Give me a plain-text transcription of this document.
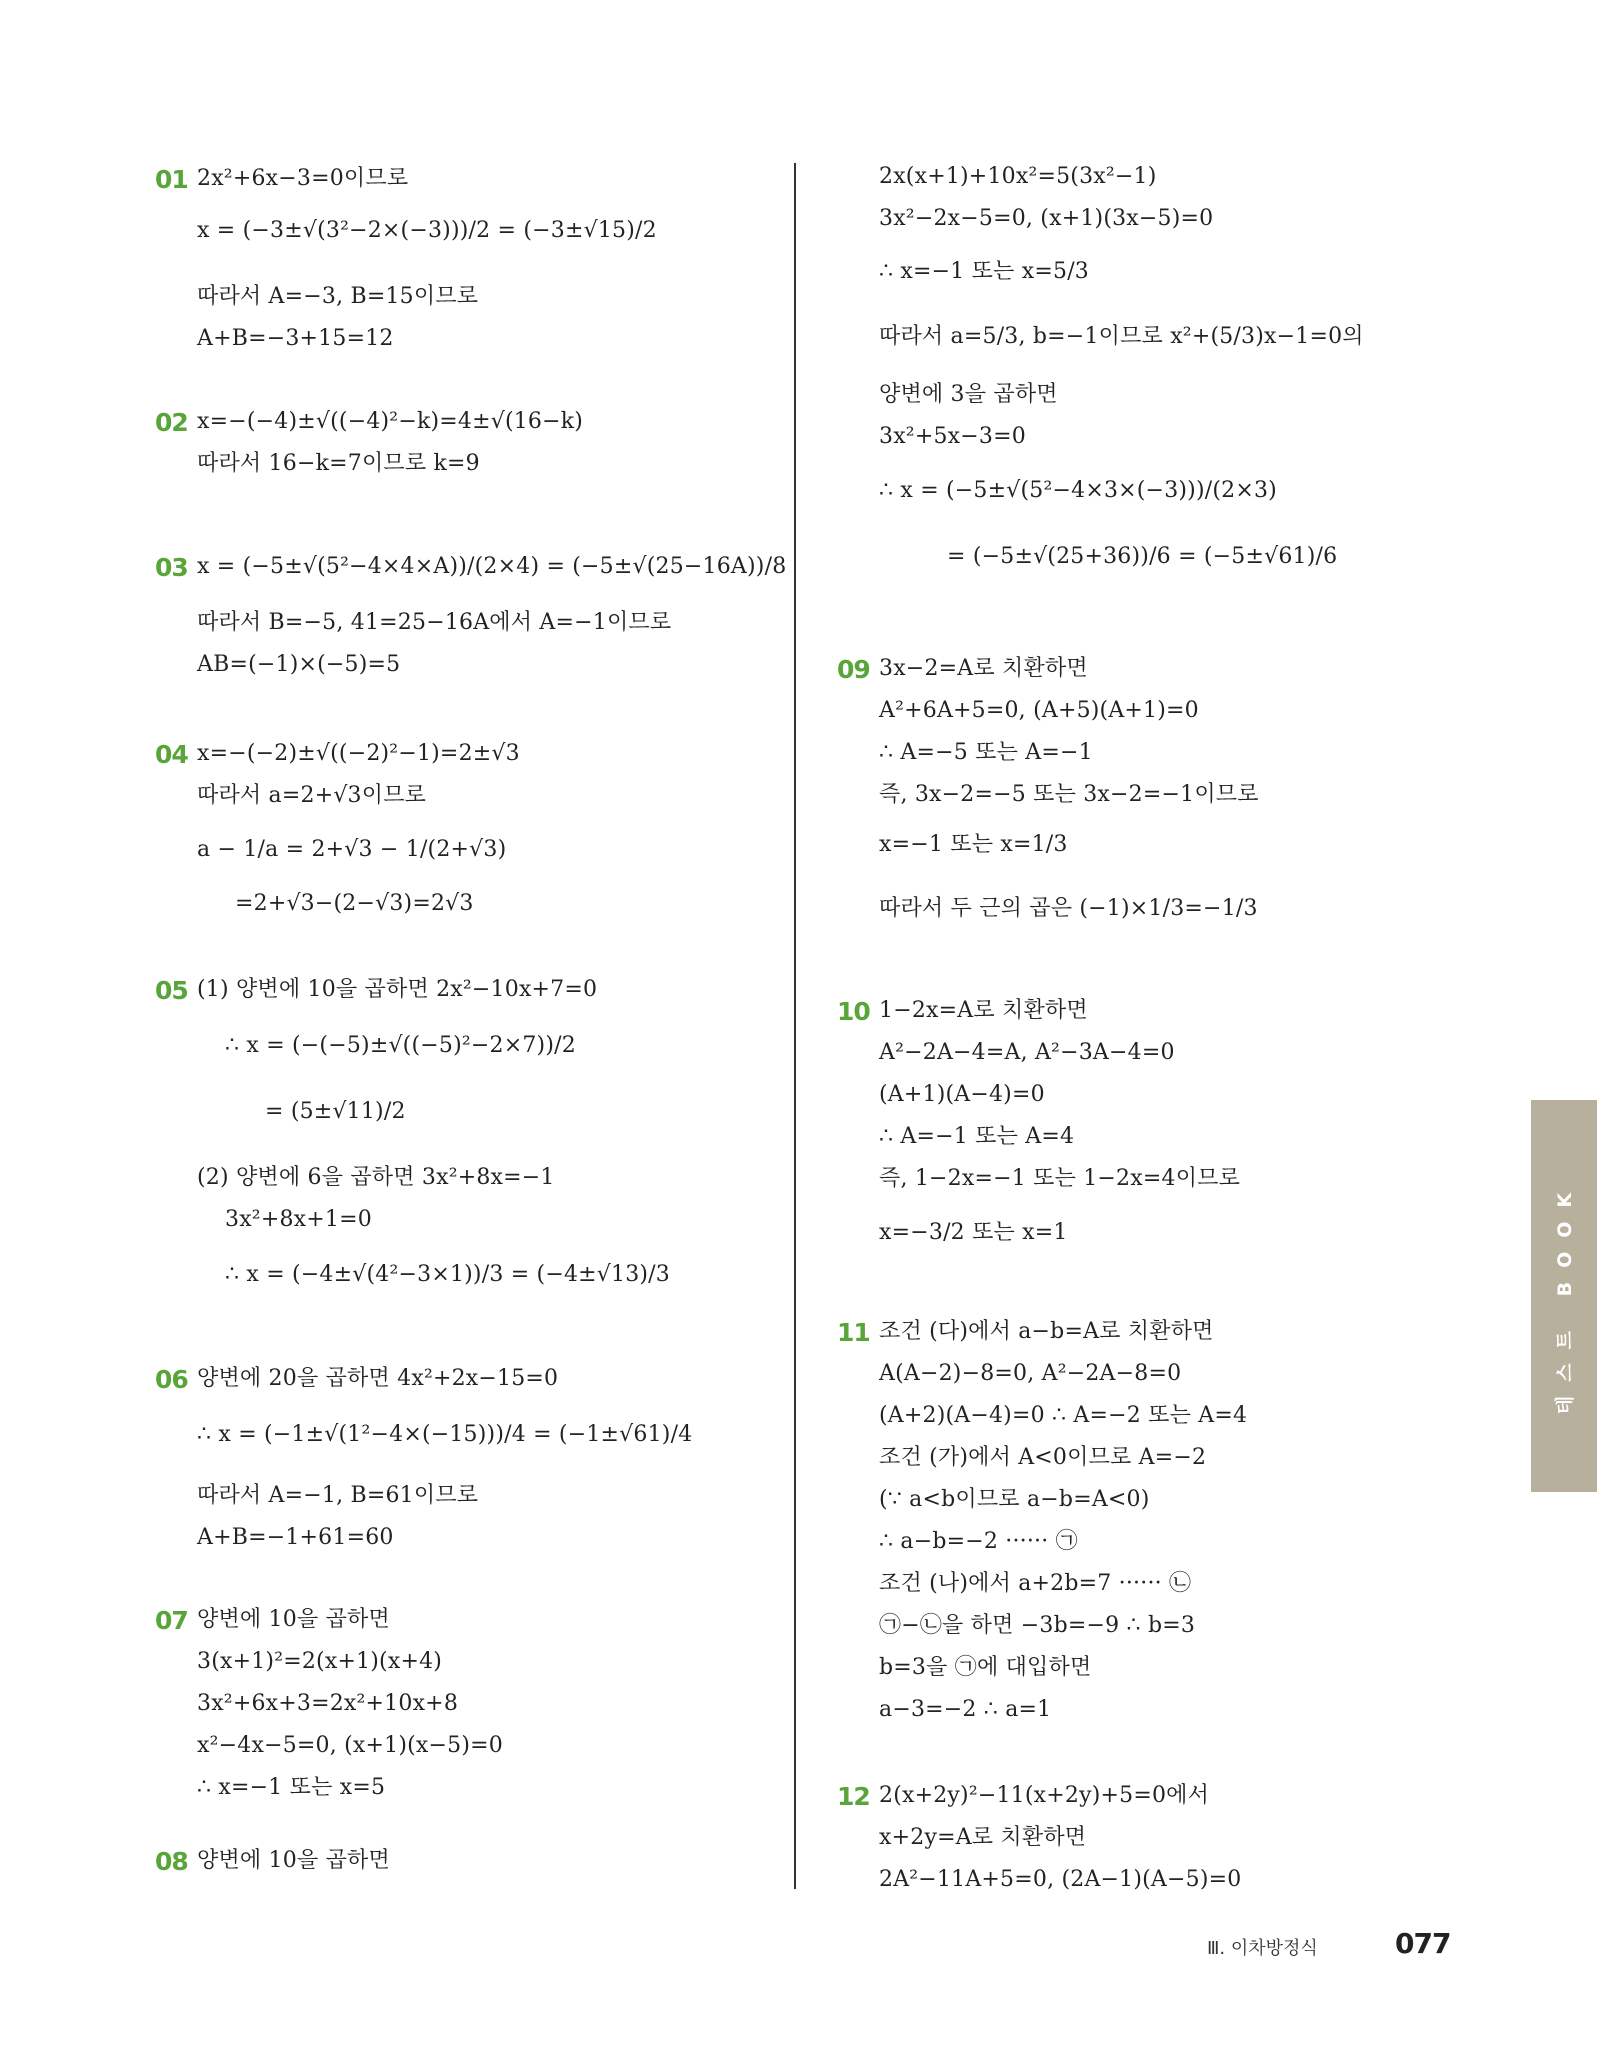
01 2x²+6x−3=0이므로
x = (−3±√(3²−2×(−3)))/2 = (−3±√15)/2
따라서 A=−3, B=15이므로
A+B=−3+15=12
02 x=−(−4)±√((−4)²−k)=4±√(16−k)
따라서 16−k=7이므로 k=9
03 x = (−5±√(5²−4×4×A))/(2×4) = (−5±√(25−16A))/8
따라서 B=−5, 41=25−16A에서 A=−1이므로
AB=(−1)×(−5)=5
04 x=−(−2)±√((−2)²−1)=2±√3
따라서 a=2+√3이므로
a − 1/a = 2+√3 − 1/(2+√3)
=2+√3−(2−√3)=2√3
05 (1) 양변에 10을 곱하면 2x²−10x+7=0
∴ x = (−(−5)±√((−5)²−2×7))/2
= (5±√11)/2
(2) 양변에 6을 곱하면 3x²+8x=−1
3x²+8x+1=0
∴ x = (−4±√(4²−3×1))/3 = (−4±√13)/3
06 양변에 20을 곱하면 4x²+2x−15=0
∴ x = (−1±√(1²−4×(−15)))/4 = (−1±√61)/4
따라서 A=−1, B=61이므로
A+B=−1+61=60
07 양변에 10을 곱하면
3(x+1)²=2(x+1)(x+4)
3x²+6x+3=2x²+10x+8
x²−4x−5=0, (x+1)(x−5)=0
∴ x=−1 또는 x=5
08 양변에 10을 곱하면
2x(x+1)+10x²=5(3x²−1)
3x²−2x−5=0, (x+1)(3x−5)=0
∴ x=−1 또는 x=5/3
따라서 a=5/3, b=−1이므로 x²+(5/3)x−1=0의
양변에 3을 곱하면
3x²+5x−3=0
∴ x = (−5±√(5²−4×3×(−3)))/(2×3)
= (−5±√(25+36))/6 = (−5±√61)/6
09 3x−2=A로 치환하면
A²+6A+5=0, (A+5)(A+1)=0
∴ A=−5 또는 A=−1
즉, 3x−2=−5 또는 3x−2=−1이므로
x=−1 또는 x=1/3
따라서 두 근의 곱은 (−1)×1/3=−1/3
10 1−2x=A로 치환하면
A²−2A−4=A, A²−3A−4=0
(A+1)(A−4)=0
∴ A=−1 또는 A=4
즉, 1−2x=−1 또는 1−2x=4이므로
x=−3/2 또는 x=1
11 조건 (다)에서 a−b=A로 치환하면
A(A−2)−8=0, A²−2A−8=0
(A+2)(A−4)=0 ∴ A=−2 또는 A=4
조건 (가)에서 A<0이므로 A=−2
(∵ a<b이므로 a−b=A<0)
∴ a−b=−2 ······ ㉠
조건 (나)에서 a+2b=7 ······ ㉡
㉠−㉡을 하면 −3b=−9 ∴ b=3
b=3을 ㉠에 대입하면
a−3=−2 ∴ a=1
12 2(x+2y)²−11(x+2y)+5=0에서
x+2y=A로 치환하면
2A²−11A+5=0, (2A−1)(A−5)=0
테스트 BOOK
Ⅲ. 이차방정식	077
